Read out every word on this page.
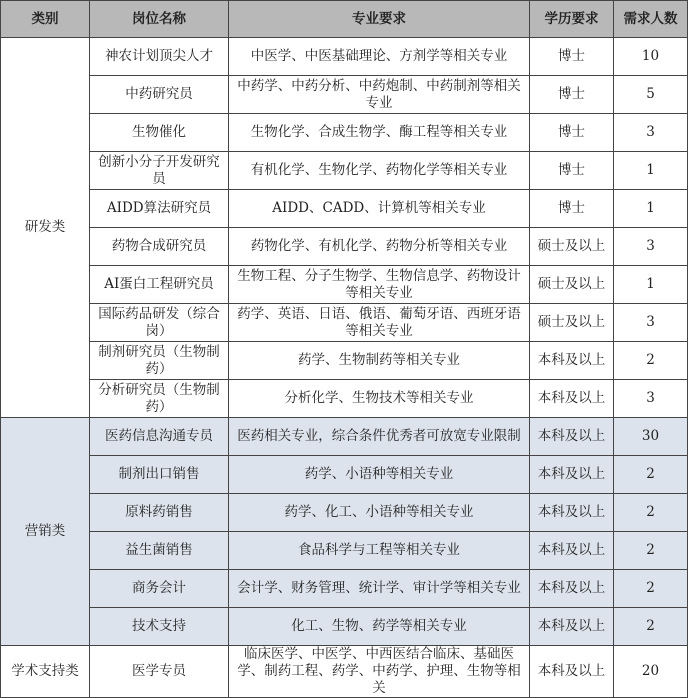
类别	岗位名称	专业要求	学历要求	需求人数
研发类	神农计划顶尖人才	中医学、中医基础理论、方剂学等相关专业	博士	10
	中药研究员	中药学、中药分析、中药炮制、中药制剂等相关专业	博士	5
	生物催化	生物化学、合成生物学、酶工程等相关专业	博士	3
	创新小分子开发研究员	有机化学、生物化学、药物化学等相关专业	博士	1
	AIDD算法研究员	AIDD、CADD、计算机等相关专业	博士	1
	药物合成研究员	药物化学、有机化学、药物分析等相关专业	硕士及以上	3
	AI蛋白工程研究员	生物工程、分子生物学、生物信息学、药物设计等相关专业	硕士及以上	1
	国际药品研发（综合岗）	药学、英语、日语、俄语、葡萄牙语、西班牙语等相关专业	硕士及以上	3
	制剂研究员（生物制药）	药学、生物制药等相关专业	本科及以上	2
	分析研究员（生物制药）	分析化学、生物技术等相关专业	本科及以上	3
营销类	医药信息沟通专员	医药相关专业，综合条件优秀者可放宽专业限制	本科及以上	30
	制剂出口销售	药学、小语种等相关专业	本科及以上	2
	原料药销售	药学、化工、小语种等相关专业	本科及以上	2
	益生菌销售	食品科学与工程等相关专业	本科及以上	2
	商务会计	会计学、财务管理、统计学、审计学等相关专业	本科及以上	2
	技术支持	化工、生物、药学等相关专业	本科及以上	2
学术支持类	医学专员	临床医学、中医学、中西医结合临床、基础医学、制药工程、药学、中药学、护理、生物等相关	本科及以上	20
